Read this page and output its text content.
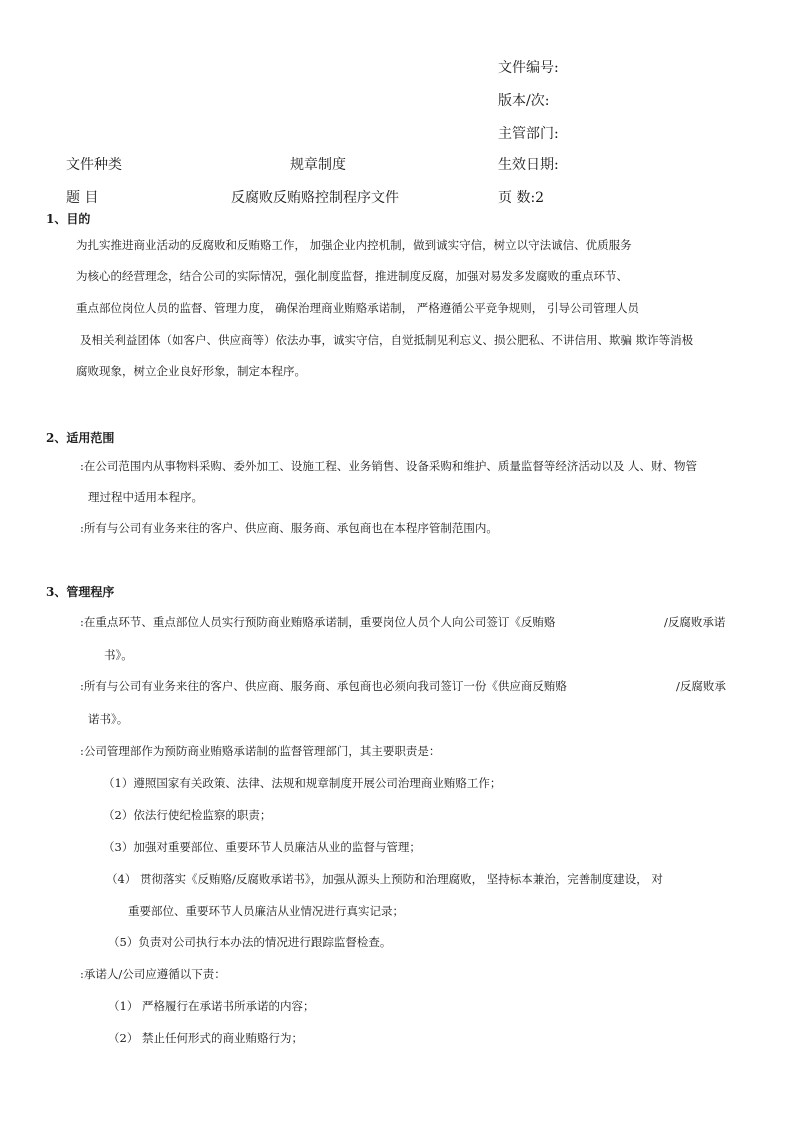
文件编号:
版本/次:
主管部门:
文件种类	规章制度	生效日期:
题 目	反腐败反贿赂控制程序文件	页 数:2
1、目的
为扎实推进商业活动的反腐败和反贿赂工作， 加强企业内控机制，做到诚实守信，树立以守法诚信、优质服务
为核心的经营理念，结合公司的实际情况，强化制度监督，推进制度反腐，加强对易发多发腐败的重点环节、
重点部位岗位人员的监督、管理力度， 确保治理商业贿赂承诺制， 严格遵循公平竞争规则， 引导公司管理人员
及相关利益团体（如客户、供应商等）依法办事，诚实守信，自觉抵制见利忘义、损公肥私、不讲信用、欺骗 欺诈等消极
腐败现象，树立企业良好形象，制定本程序。
2、适用范围
:在公司范围内从事物料采购、委外加工、设施工程、业务销售、设备采购和维护、质量监督等经济活动以及 人、财、物管
理过程中适用本程序。
:所有与公司有业务来往的客户、供应商、服务商、承包商也在本程序管制范围内。
3、管理程序
:在重点环节、重点部位人员实行预防商业贿赂承诺制，重要岗位人员个人向公司签订《反贿赂	/反腐败承诺
书》。
:所有与公司有业务来往的客户、供应商、服务商、承包商也必须向我司签订一份《供应商反贿赂	/反腐败承
诺书》。
:公司管理部作为预防商业贿赂承诺制的监督管理部门，其主要职责是：
（1）遵照国家有关政策、法律、法规和规章制度开展公司治理商业贿赂工作；
（2）依法行使纪检监察的职责；
（3）加强对重要部位、重要环节人员廉洁从业的监督与管理；
（4） 贯彻落实《反贿赂/反腐败承诺书》，加强从源头上预防和治理腐败， 坚持标本兼治，完善制度建设， 对
重要部位、重要环节人员廉洁从业情况进行真实记录；
（5）负责对公司执行本办法的情况进行跟踪监督检查。
:承诺人/公司应遵循以下责：
（1） 严格履行在承诺书所承诺的内容；
（2） 禁止任何形式的商业贿赂行为；
